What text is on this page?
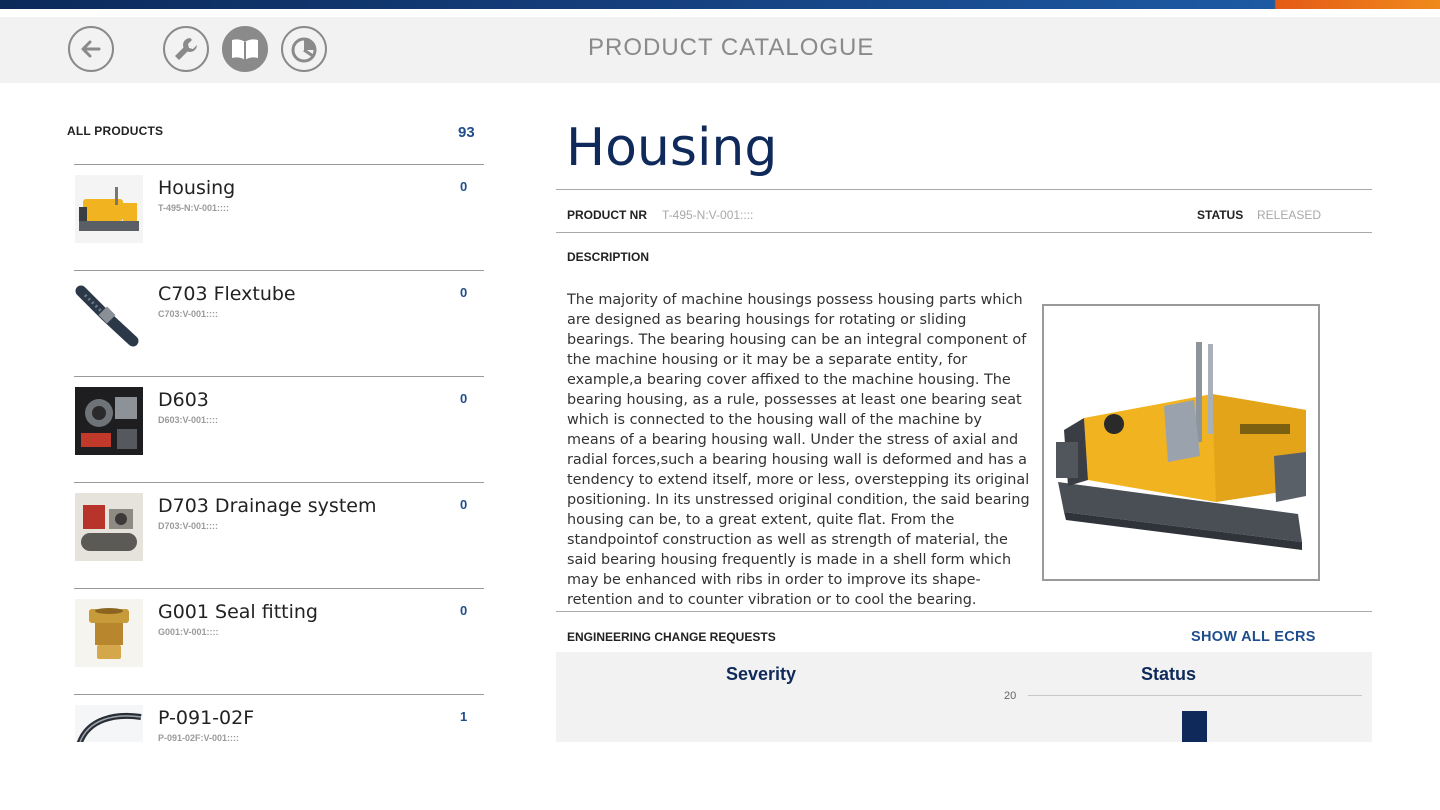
PRODUCT CATALOGUE
ALL PRODUCTS	93
Housing
T-495-N:V-001::::
0
C703 Flextube
C703:V-001::::
0
D603
D603:V-001::::
0
D703 Drainage system
D703:V-001::::
0
G001 Seal fitting
G001:V-001::::
0
P-091-02F
P-091-02F:V-001::::
1
Housing
PRODUCT NR T-495-N:V-001::::	STATUS RELEASED
DESCRIPTION
The majority of machine housings possess housing parts which
are designed as bearing housings for rotating or sliding
bearings. The bearing housing can be an integral component of
the machine housing or it may be a separate entity, for
example,a bearing cover affixed to the machine housing. The
bearing housing, as a rule, possesses at least one bearing seat
which is connected to the housing wall of the machine by
means of a bearing housing wall. Under the stress of axial and
radial forces,such a bearing housing wall is deformed and has a
tendency to extend itself, more or less, overstepping its original
positioning. In its unstressed original condition, the said bearing
housing can be, to a great extent, quite flat. From the
standpointof construction as well as strength of material, the
said bearing housing frequently is made in a shell form which
may be enhanced with ribs in order to improve its shape-
retention and to counter vibration or to cool the bearing.
ENGINEERING CHANGE REQUESTS	SHOW ALL ECRS
Severity	Status
20
